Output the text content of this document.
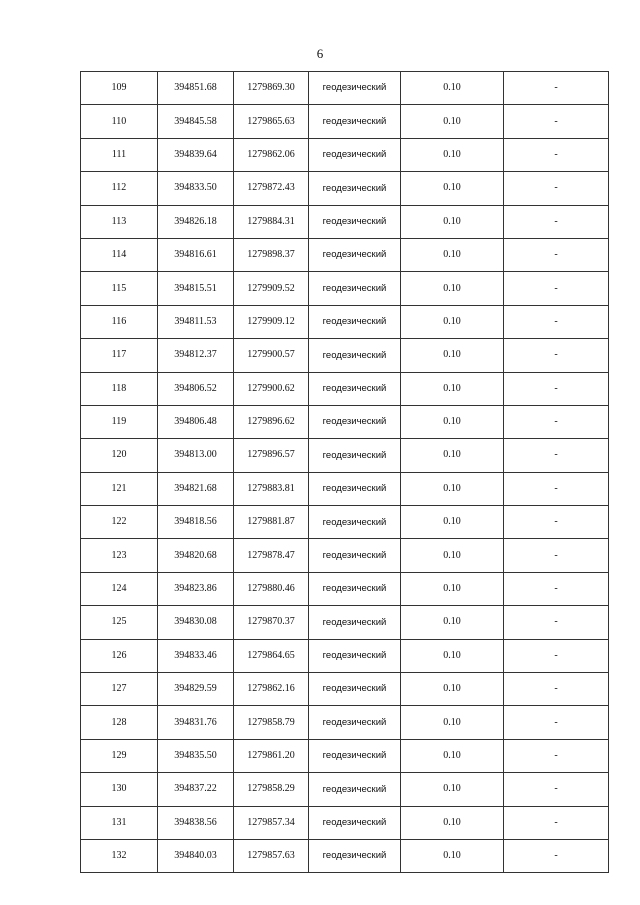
6
109	394851.68	1279869.30	геодезический	0.10	-
110	394845.58	1279865.63	геодезический	0.10	-
111	394839.64	1279862.06	геодезический	0.10	-
112	394833.50	1279872.43	геодезический	0.10	-
113	394826.18	1279884.31	геодезический	0.10	-
114	394816.61	1279898.37	геодезический	0.10	-
115	394815.51	1279909.52	геодезический	0.10	-
116	394811.53	1279909.12	геодезический	0.10	-
117	394812.37	1279900.57	геодезический	0.10	-
118	394806.52	1279900.62	геодезический	0.10	-
119	394806.48	1279896.62	геодезический	0.10	-
120	394813.00	1279896.57	геодезический	0.10	-
121	394821.68	1279883.81	геодезический	0.10	-
122	394818.56	1279881.87	геодезический	0.10	-
123	394820.68	1279878.47	геодезический	0.10	-
124	394823.86	1279880.46	геодезический	0.10	-
125	394830.08	1279870.37	геодезический	0.10	-
126	394833.46	1279864.65	геодезический	0.10	-
127	394829.59	1279862.16	геодезический	0.10	-
128	394831.76	1279858.79	геодезический	0.10	-
129	394835.50	1279861.20	геодезический	0.10	-
130	394837.22	1279858.29	геодезический	0.10	-
131	394838.56	1279857.34	геодезический	0.10	-
132	394840.03	1279857.63	геодезический	0.10	-
